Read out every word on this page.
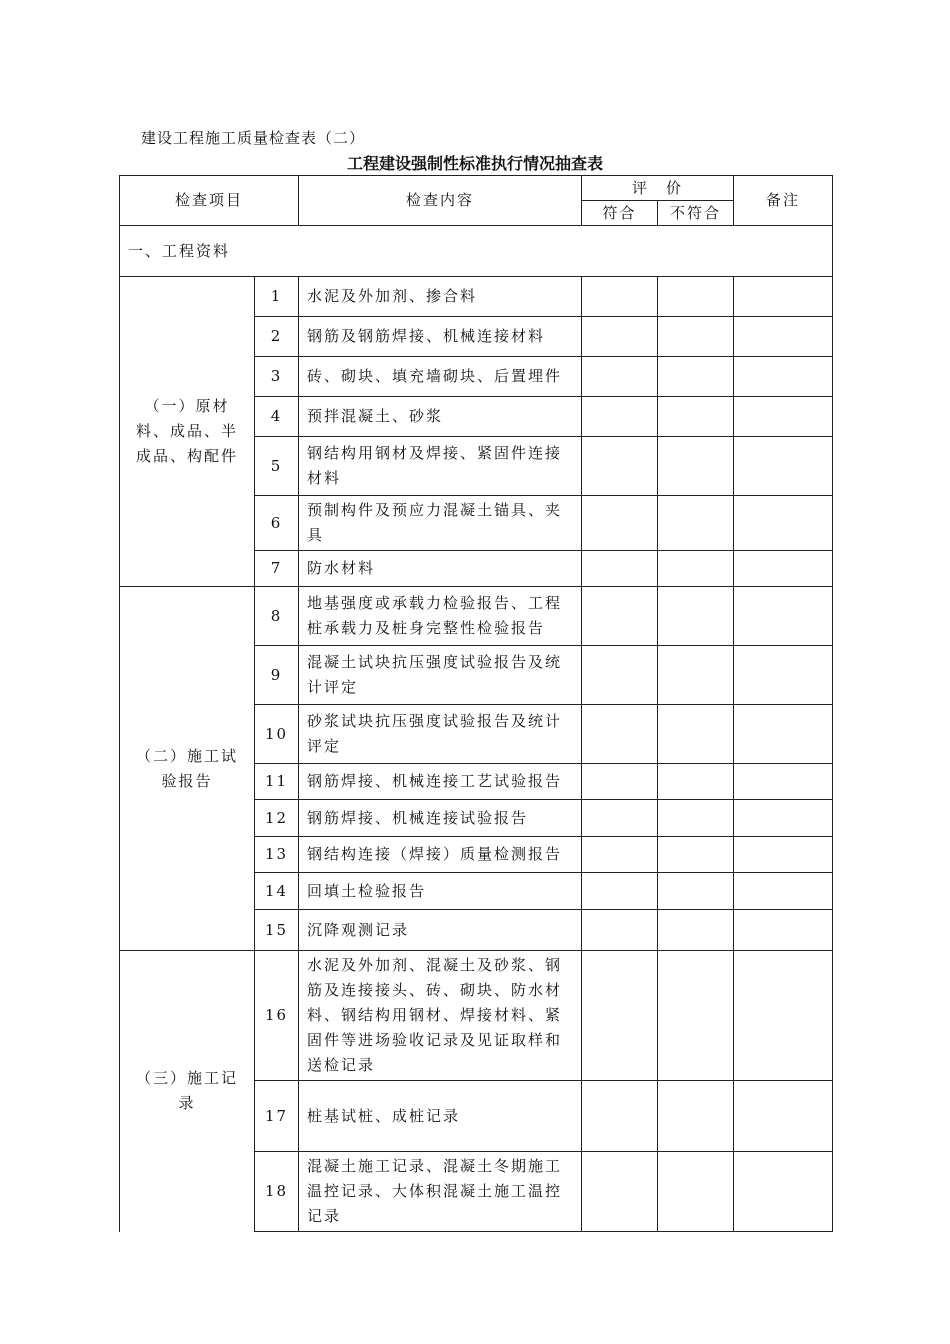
建设工程施工质量检查表（二）
工程建设强制性标准执行情况抽查表
检查项目		检查内容	评　价		备注
			符合	不符合	
一、工程资料					
（一）原材料、成品、半成品、构配件	1	水泥及外加剂、掺合料			
	2	钢筋及钢筋焊接、机械连接材料			
	3	砖、砌块、填充墙砌块、后置埋件			
	4	预拌混凝土、砂浆			
	5	钢结构用钢材及焊接、紧固件连接材料			
	6	预制构件及预应力混凝土锚具、夹具			
	7	防水材料			
（二）施工试验报告	8	地基强度或承载力检验报告、工程桩承载力及桩身完整性检验报告			
	9	混凝土试块抗压强度试验报告及统计评定			
	10	砂浆试块抗压强度试验报告及统计评定			
	11	钢筋焊接、机械连接工艺试验报告			
	12	钢筋焊接、机械连接试验报告			
	13	钢结构连接（焊接）质量检测报告			
	14	回填土检验报告			
	15	沉降观测记录			
（三）施工记录	16	水泥及外加剂、混凝土及砂浆、钢筋及连接接头、砖、砌块、防水材料、钢结构用钢材、焊接材料、紧固件等进场验收记录及见证取样和送检记录			
	17	桩基试桩、成桩记录			
	18	混凝土施工记录、混凝土冬期施工温控记录、大体积混凝土施工温控记录			
